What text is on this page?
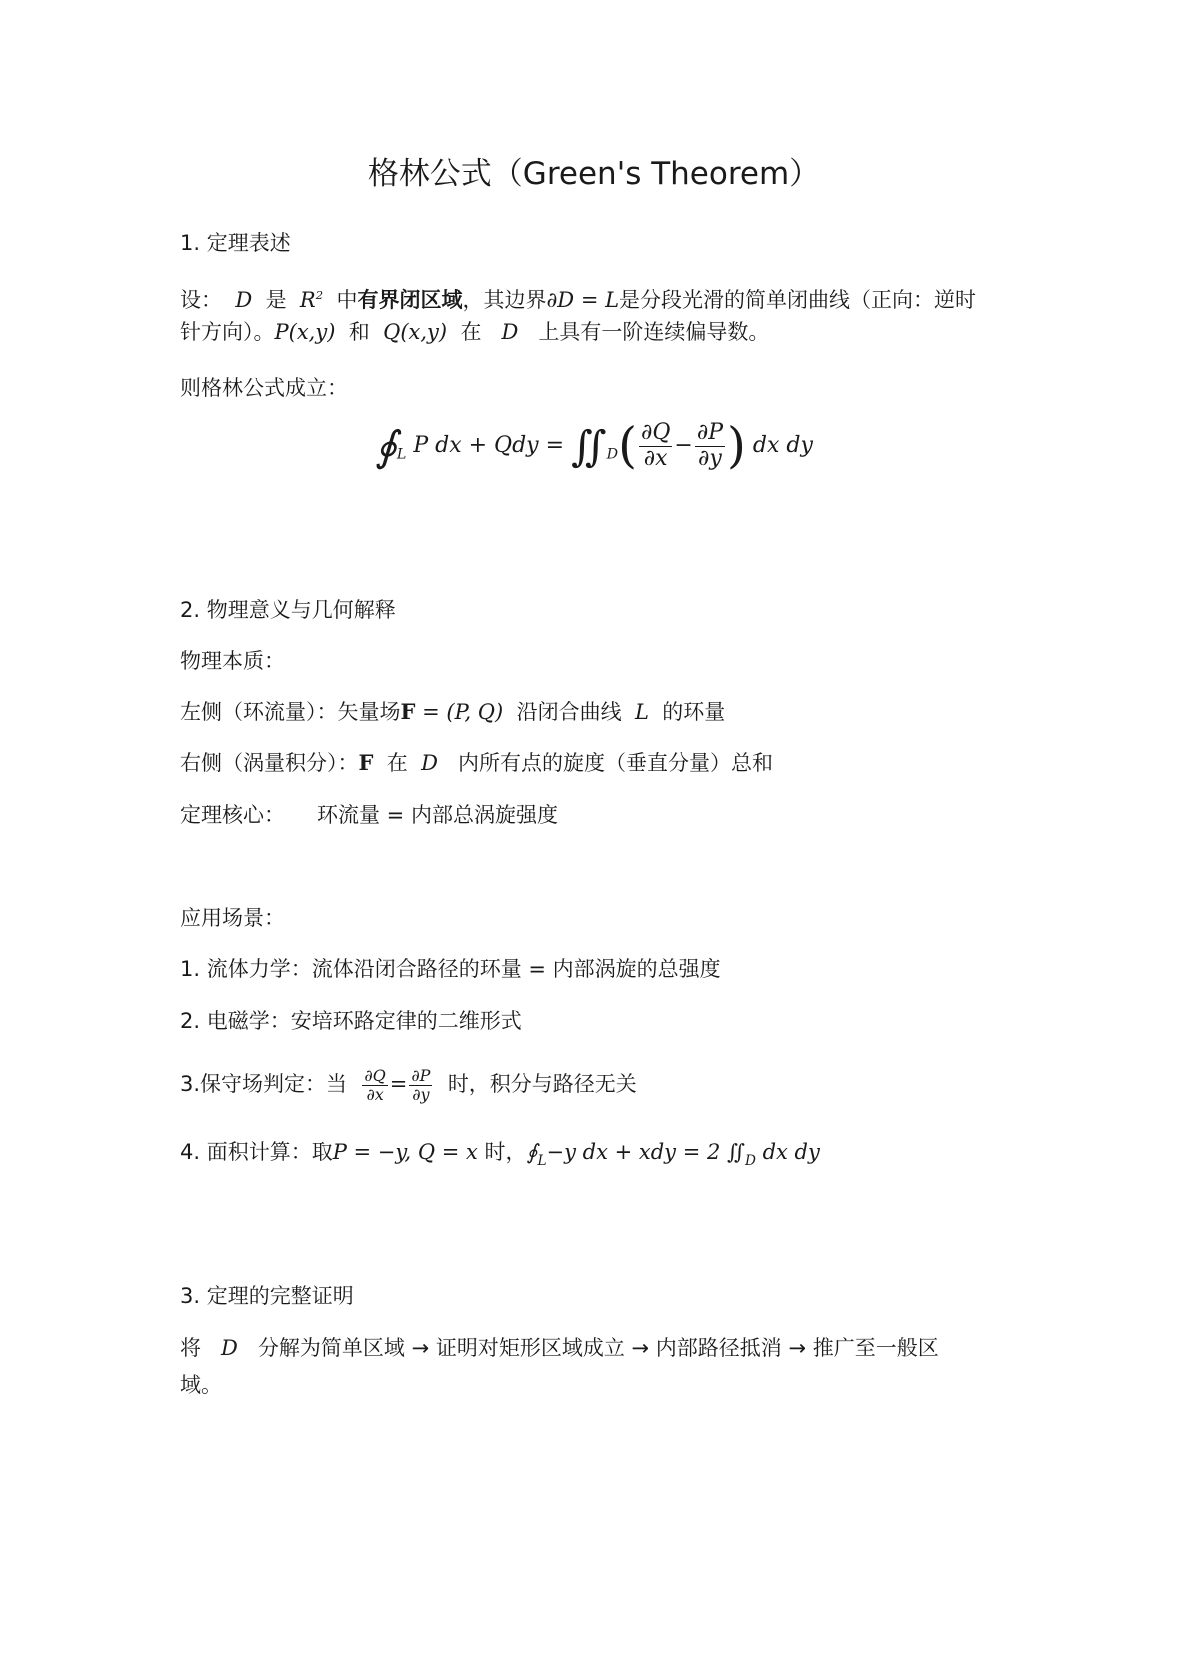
格林公式（Green's Theorem）
1. 定理表述
设： D 是 $R^2$ 中有界闭区域，其边界∂D = L是分段光滑的简单闭曲线（正向：逆时
针方向）。P(x,y) 和 Q(x,y) 在 D 上具有一阶连续偏导数。
则格林公式成立：
$∮_L$ P dx + Qdy = $∬_D( \frac{\partial Q}{\partial x} - \frac{\partial P}{\partial y}$ ) dx dy
2. 物理意义与几何解释
物理本质：
左侧（环流量）：矢量场F = (P, Q) 沿闭合曲线 L 的环量
右侧（涡量积分）：F 在 D 内所有点的旋度（垂直分量）总和
定理核心： 环流量 = 内部总涡旋强度
应用场景：
1. 流体力学：流体沿闭合路径的环量 = 内部涡旋的总强度
2. 电磁学：安培环路定律的二维形式
3.保守场判定：当 $\frac{\partial Q}{\partial x} = \frac{\partial P}{\partial y}$ 时，积分与路径无关
4. 面积计算：取P = −y, Q = x 时，$∮_L-y$ dx + xdy = 2 $∬_D$ dx dy
3. 定理的完整证明
将 D 分解为简单区域 → 证明对矩形区域成立 → 内部路径抵消 → 推广至一般区
域。
